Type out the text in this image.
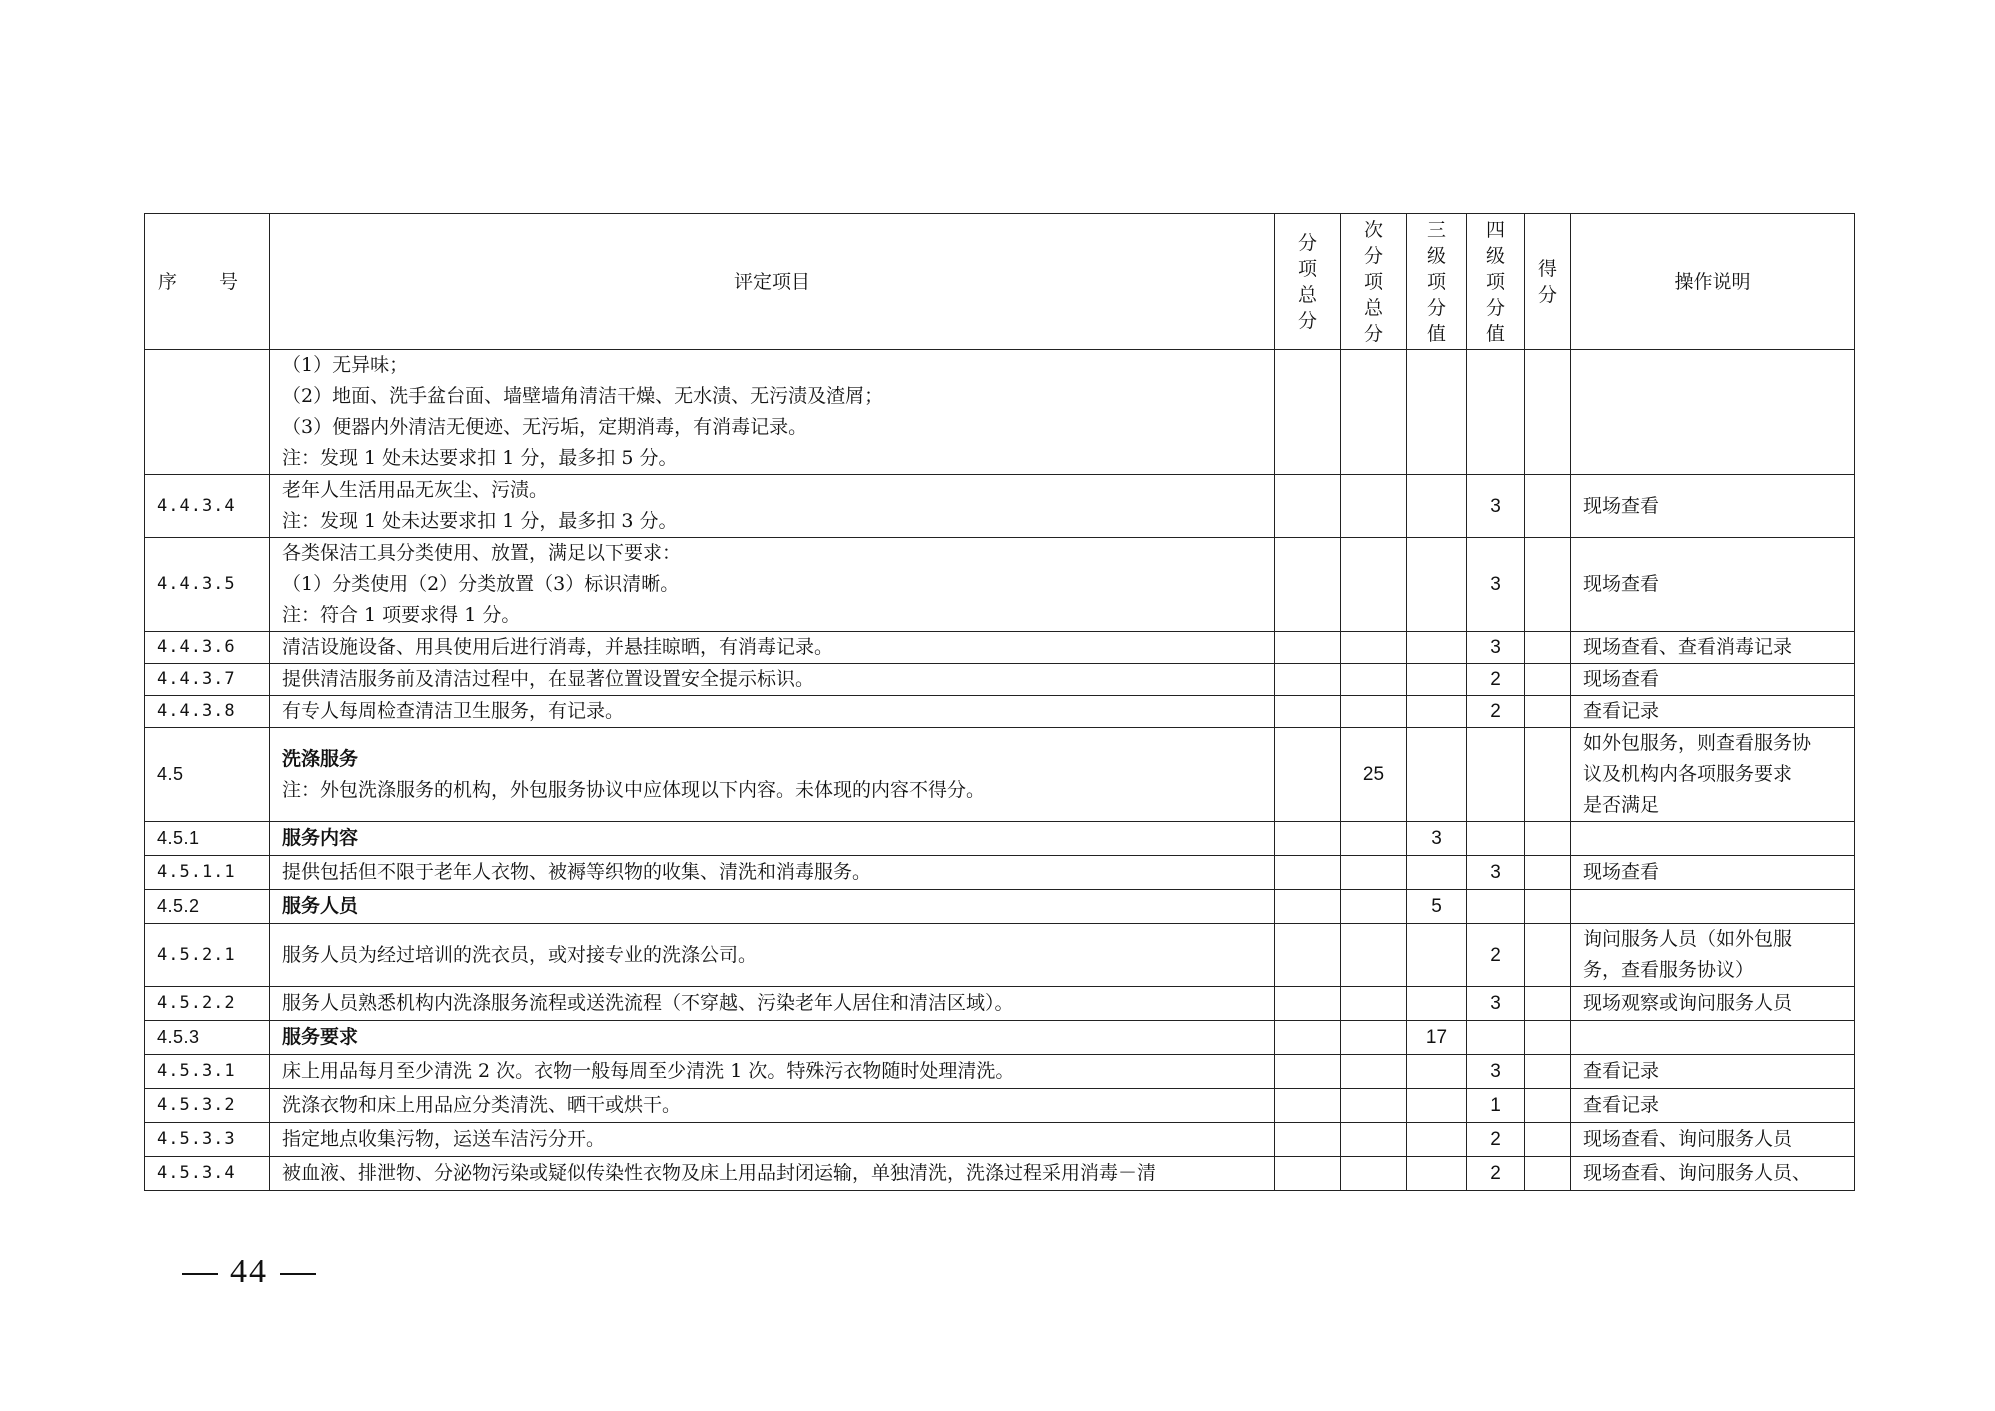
序 号	评定项目	分项总分	次分项总分	三级项分值	四级项分值	得分	操作说明

	（1）无异味；
（2）地面、洗手盆台面、墙壁墙角清洁干燥、无水渍、无污渍及渣屑；
（3）便器内外清洁无便迹、无污垢，定期消毒，有消毒记录。
注：发现 1 处未达要求扣 1 分，最多扣 5 分。						

4.4.3.4	老年人生活用品无灰尘、污渍。
注：发现 1 处未达要求扣 1 分，最多扣 3 分。				3		现场查看
4.4.3.5	各类保洁工具分类使用、放置，满足以下要求：
（1）分类使用（2）分类放置（3）标识清晰。
注：符合 1 项要求得 1 分。				3		现场查看
4.4.3.6	清洁设施设备、用具使用后进行消毒，并悬挂晾晒，有消毒记录。				3		现场查看、查看消毒记录
4.4.3.7	提供清洁服务前及清洁过程中，在显著位置设置安全提示标识。				2		现场查看
4.4.3.8	有专人每周检查清洁卫生服务，有记录。				2		查看记录
4.5	洗涤服务
注：外包洗涤服务的机构，外包服务协议中应体现以下内容。未体现的内容不得分。		25				如外包服务，则查看服务协
议及机构内各项服务要求
是否满足

4.5.1	服务内容			3			
4.5.1.1	提供包括但不限于老年人衣物、被褥等织物的收集、清洗和消毒服务。				3		现场查看
4.5.2	服务人员			5			
4.5.2.1	服务人员为经过培训的洗衣员，或对接专业的洗涤公司。				2		询问服务人员（如外包服
务，查看服务协议）

4.5.2.2	服务人员熟悉机构内洗涤服务流程或送洗流程（不穿越、污染老年人居住和清洁区域）。				3		现场观察或询问服务人员
4.5.3	服务要求			17			
4.5.3.1	床上用品每月至少清洗 2 次。衣物一般每周至少清洗 1 次。特殊污衣物随时处理清洗。				3		查看记录
4.5.3.2	洗涤衣物和床上用品应分类清洗、晒干或烘干。				1		查看记录
4.5.3.3	指定地点收集污物，运送车洁污分开。				2		现场查看、询问服务人员
4.5.3.4	被血液、排泄物、分泌物污染或疑似传染性衣物及床上用品封闭运输，单独清洗，洗涤过程采用消毒－清				2		现场查看、询问服务人员、
44
